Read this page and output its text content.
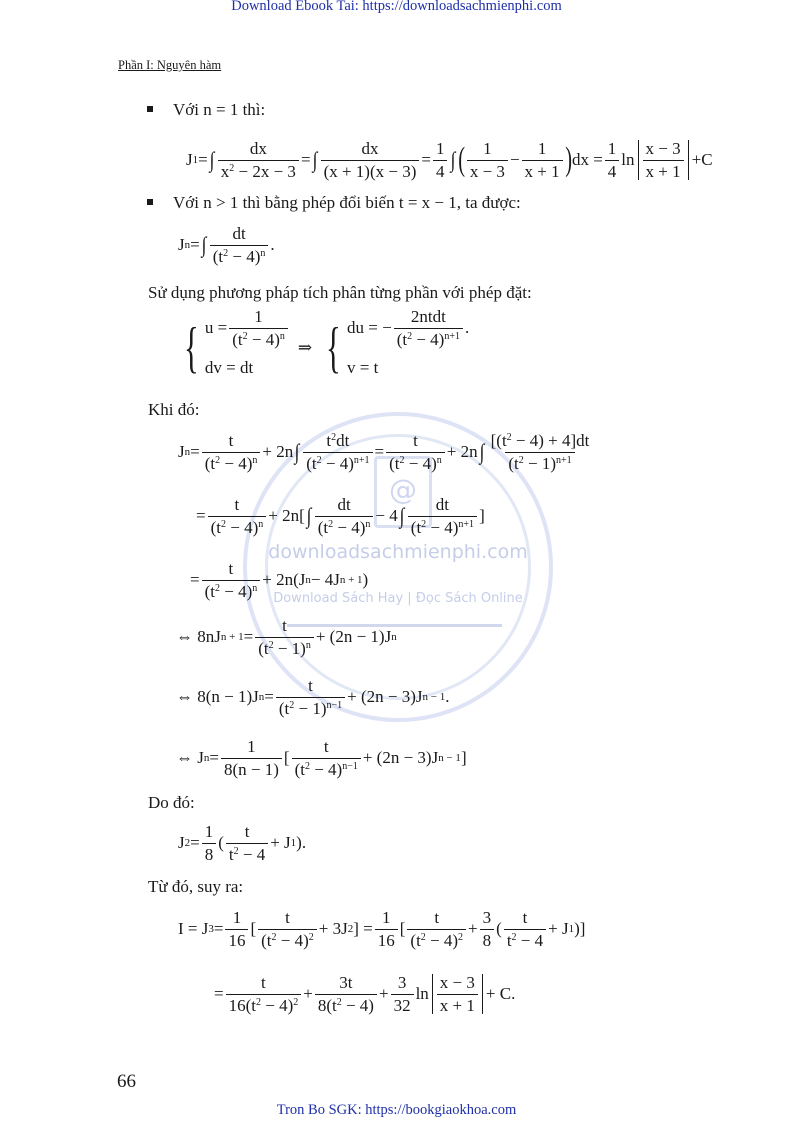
Download Ebook Tai: https://downloadsachmienphi.com
Phần I: Nguyên hàm
@
downloadsachmienphi.com
Download Sách Hay | Đọc Sách Online
Với n = 1 thì:
J 1 = ∫ $\frac{dx}{x^2 - 2x - 3}$ = ∫ $\frac{dx}{(x + 1)(x - 3)} = \frac{1}{4}$ ∫ ( $\frac{1}{x - 3} - \frac{1}{x + 1}$ ) dx = $\frac{1}{4}$ $\ln \frac{x - 3}{x + 1} +C$
Với n > 1 thì bằng phép đổi biến t = x − 1, ta được:
J n = ∫ $\frac{dt}{(t^2 - 4)^n}$ .
Sử dụng phương pháp tích phân từng phần với phép đặt:
{ $u = \frac{1}{(t^2 - 4)^n}$
dv = dt
⇒ { du = − $\frac{\text{2ntdt}}{(t^2 - 4)^{n+1}}$ .
v = t
Khi đó:
J $n = \frac{t}{(t^2 - 4)^n} + 2n$ ∫ $\frac{t^2dt}{(t^2 - 4)^{n+1}} = \frac{t}{(t^2 - 4)^n} + 2n$ ∫ $\frac{[(t^2 - 4) + 4]dt}{(t^2 - 1)^{n+1}}$
= $\frac{t}{(t^2 - 4)^n} + 2n$[ ∫ $\frac{dt}{(t^2 - 4)^n} - 4$ ∫ $\frac{dt}{(t^2 - 4)^{n+1}}$ ]
= $\frac{t}{(t^2 - 4)^n} + 2n(J$ n − 4J n + 1 )
⇔ 8nJ $n + 1 = \frac{t}{(t^2 - 1)^n} + (2n - 1)J$ n
⇔ 8(n − 1)J $n = \frac{t}{(t^2 - 1)^{n-1}} + (2n - 3)J$ n − 1 .
⇔ J $n = \frac{1}{8(n - 1)}$ [ $\frac{t}{(t^2 - 4)^{n-1}} + (2n - 3)J$ n − 1 ]
Do đó:
J $2 = \frac{1}{8}$ ( $\frac{t}{t^2 - 4} + J$ 1 ).
Từ đó, suy ra:
I = J $3 = \frac{1}{16}$ [ $\frac{t}{(t^2 - 4)^2} + 3J$ 2 ] = $\frac{1}{16}$ [ $\frac{t}{(t^2 - 4)^2} + \frac{3}{8}$ ( $\frac{t}{t^2 - 4} + J$ 1 )]
= $\frac{t}{16(t^2 - 4)^2} + \frac{3t}{8(t^2 - 4)} + \frac{3}{32}$ $\ln \frac{x - 3}{x + 1} + C$.
66
Tron Bo SGK: https://bookgiaokhoa.com
